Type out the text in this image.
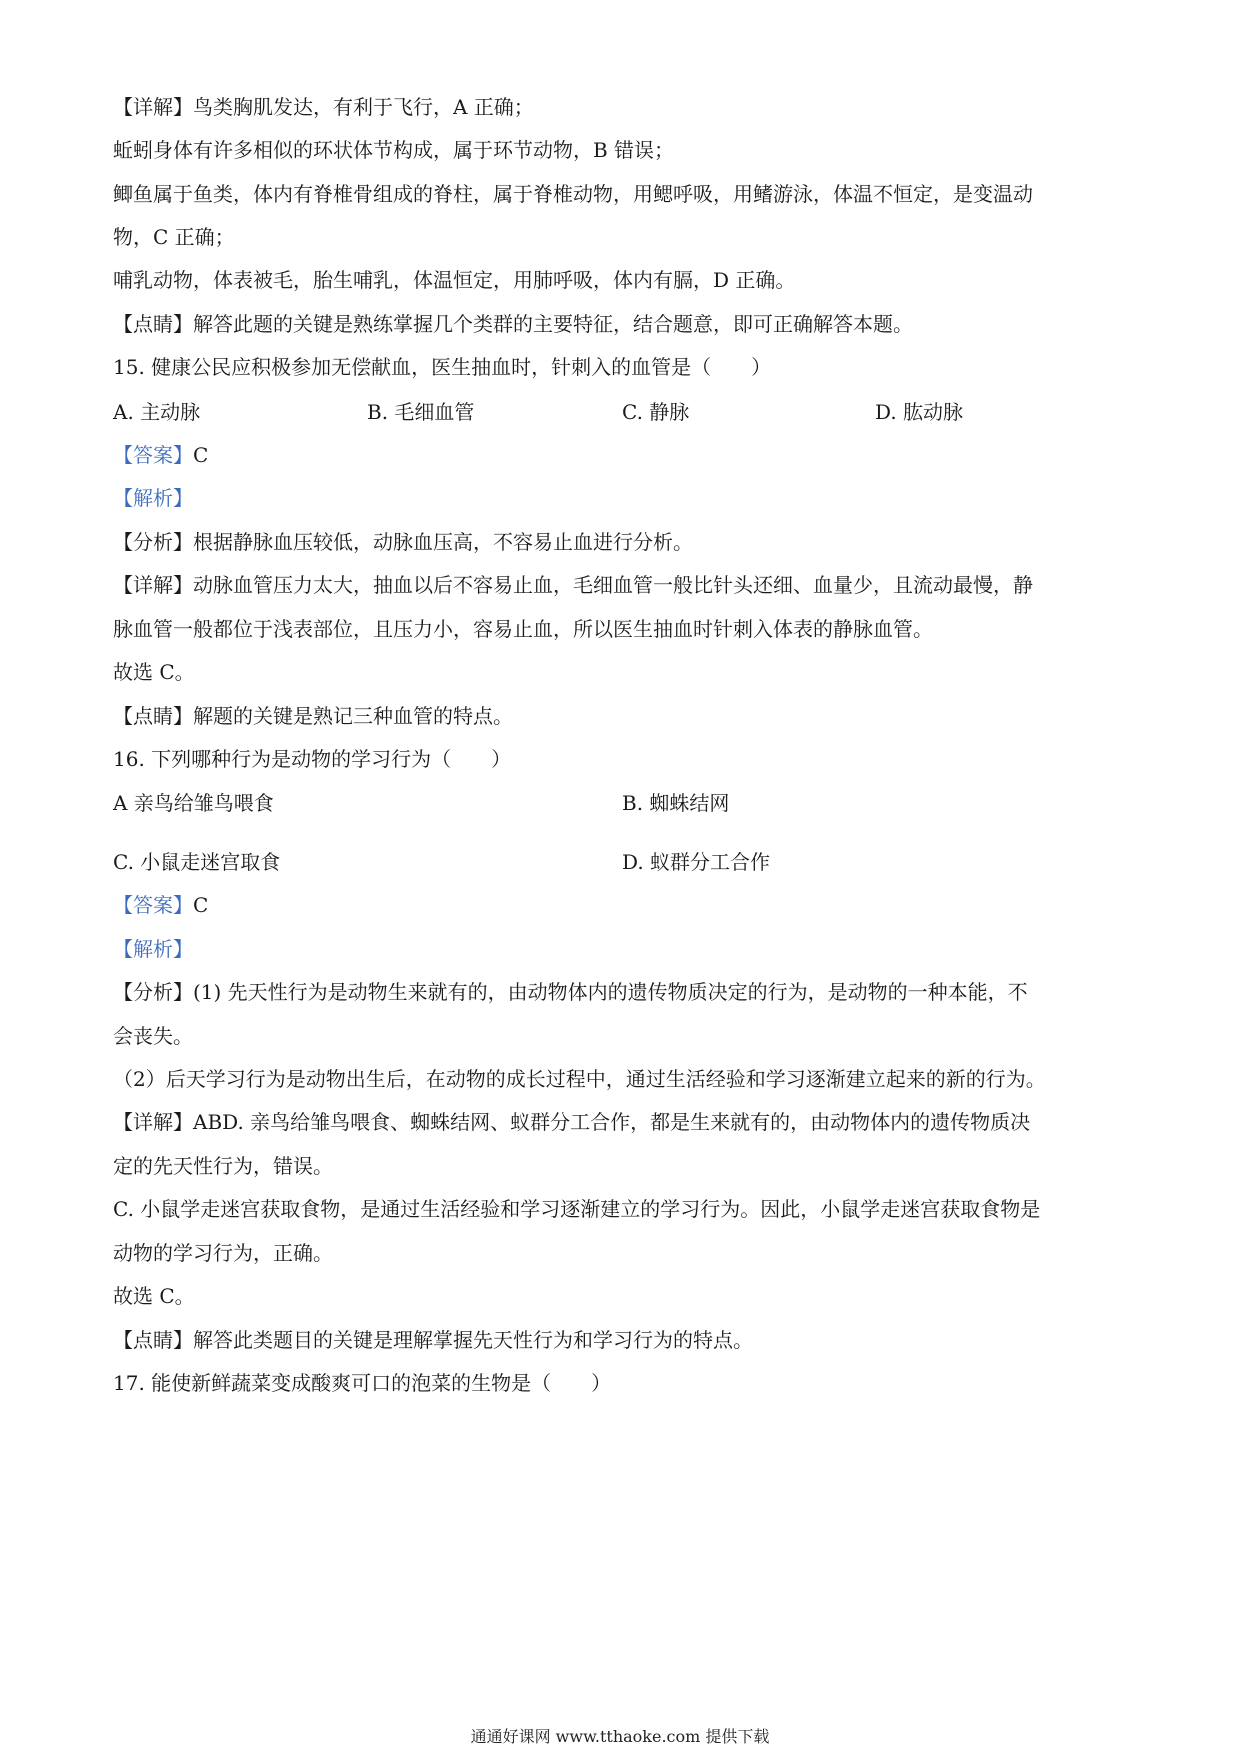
【详解】鸟类胸肌发达，有利于飞行，A 正确；
蚯蚓身体有许多相似的环状体节构成，属于环节动物，B 错误；
鲫鱼属于鱼类，体内有脊椎骨组成的脊柱，属于脊椎动物，用鳃呼吸，用鳍游泳，体温不恒定，是变温动
物，C 正确；
哺乳动物，体表被毛，胎生哺乳，体温恒定，用肺呼吸，体内有膈，D 正确。
【点睛】解答此题的关键是熟练掌握几个类群的主要特征，结合题意，即可正确解答本题。
15. 健康公民应积极参加无偿献血，医生抽血时，针刺入的血管是（　　）
A. 主动脉	B. 毛细血管	C. 静脉	D. 肱动脉
【答案】C
【解析】
【分析】根据静脉血压较低，动脉血压高，不容易止血进行分析。
【详解】动脉血管压力太大，抽血以后不容易止血，毛细血管一般比针头还细、血量少，且流动最慢，静
脉血管一般都位于浅表部位，且压力小，容易止血，所以医生抽血时针刺入体表的静脉血管。
故选 C。
【点睛】解题的关键是熟记三种血管的特点。
16. 下列哪种行为是动物的学习行为（　　）
A 亲鸟给雏鸟喂食	B. 蜘蛛结网
C. 小鼠走迷宫取食	D. 蚁群分工合作
【答案】C
【解析】
【分析】(1) 先天性行为是动物生来就有的，由动物体内的遗传物质决定的行为，是动物的一种本能，不
会丧失。
（2）后天学习行为是动物出生后，在动物的成长过程中，通过生活经验和学习逐渐建立起来的新的行为。
【详解】ABD. 亲鸟给雏鸟喂食、蜘蛛结网、蚁群分工合作，都是生来就有的，由动物体内的遗传物质决
定的先天性行为，错误。
C. 小鼠学走迷宫获取食物，是通过生活经验和学习逐渐建立的学习行为。因此，小鼠学走迷宫获取食物是
动物的学习行为，正确。
故选 C。
【点睛】解答此类题目的关键是理解掌握先天性行为和学习行为的特点。
17. 能使新鲜蔬菜变成酸爽可口的泡菜的生物是（　　）
通通好课网 www.tthaoke.com 提供下载
